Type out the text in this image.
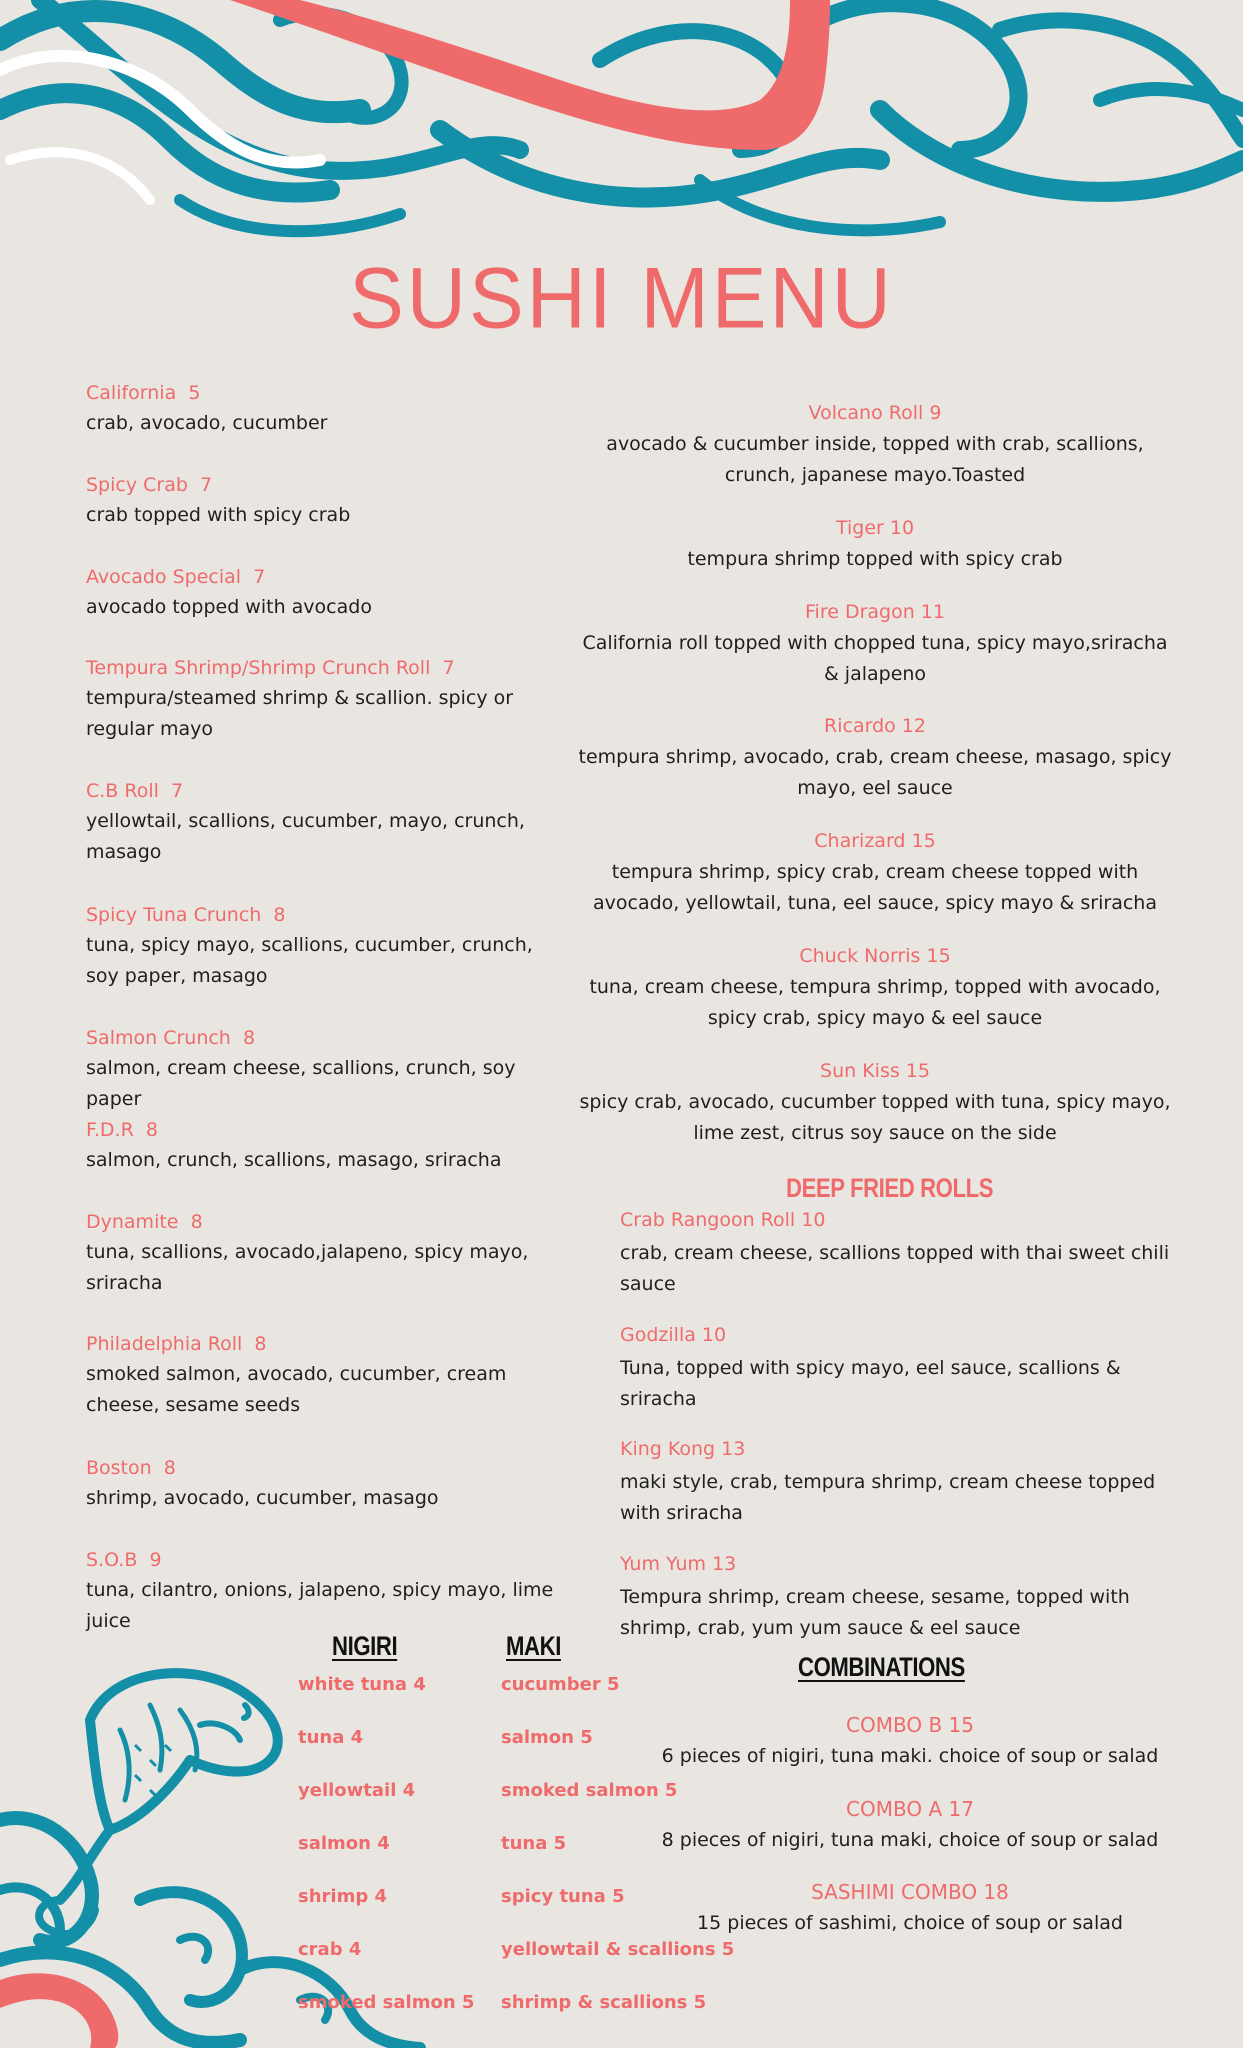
SUSHI MENU
California 5
crab, avocado, cucumber
Spicy Crab 7
crab topped with spicy crab
Avocado Special 7
avocado topped with avocado
Tempura Shrimp/Shrimp Crunch Roll 7
tempura/steamed shrimp & scallion. spicy or regular mayo
C.B Roll 7
yellowtail, scallions, cucumber, mayo, crunch, masago
Spicy Tuna Crunch 8
tuna, spicy mayo, scallions, cucumber, crunch, soy paper, masago
Salmon Crunch 8
salmon, cream cheese, scallions, crunch, soy paper
F.D.R 8
salmon, crunch, scallions, masago, sriracha
Dynamite 8
tuna, scallions, avocado,jalapeno, spicy mayo, sriracha
Philadelphia Roll 8
smoked salmon, avocado, cucumber, cream cheese, sesame seeds
Boston 8
shrimp, avocado, cucumber, masago
S.O.B 9
tuna, cilantro, onions, jalapeno, spicy mayo, lime juice
Volcano Roll 9
avocado & cucumber inside, topped with crab, scallions, crunch, japanese mayo.Toasted
Tiger 10
tempura shrimp topped with spicy crab
Fire Dragon 11
California roll topped with chopped tuna, spicy mayo,sriracha & jalapeno
Ricardo 12
tempura shrimp, avocado, crab, cream cheese, masago, spicy mayo, eel sauce
Charizard 15
tempura shrimp, spicy crab, cream cheese topped with avocado, yellowtail, tuna, eel sauce, spicy mayo & sriracha
Chuck Norris 15
tuna, cream cheese, tempura shrimp, topped with avocado, spicy crab, spicy mayo & eel sauce
Sun Kiss 15
spicy crab, avocado, cucumber topped with tuna, spicy mayo, lime zest, citrus soy sauce on the side
DEEP FRIED ROLLS
Crab Rangoon Roll 10
crab, cream cheese, scallions topped with thai sweet chili sauce
Godzilla 10
Tuna, topped with spicy mayo, eel sauce, scallions & sriracha
King Kong 13
maki style, crab, tempura shrimp, cream cheese topped with sriracha
Yum Yum 13
Tempura shrimp, cream cheese, sesame, topped with shrimp, crab, yum yum sauce & eel sauce
NIGIRI
white tuna 4
tuna 4
yellowtail 4
salmon 4
shrimp 4
crab 4
smoked salmon 5
MAKI
cucumber 5
salmon 5
smoked salmon 5
tuna 5
spicy tuna 5
yellowtail & scallions 5
shrimp & scallions 5
COMBINATIONS
COMBO B 15
6 pieces of nigiri, tuna maki. choice of soup or salad
COMBO A 17
8 pieces of nigiri, tuna maki, choice of soup or salad
SASHIMI COMBO 18
15 pieces of sashimi, choice of soup or salad
